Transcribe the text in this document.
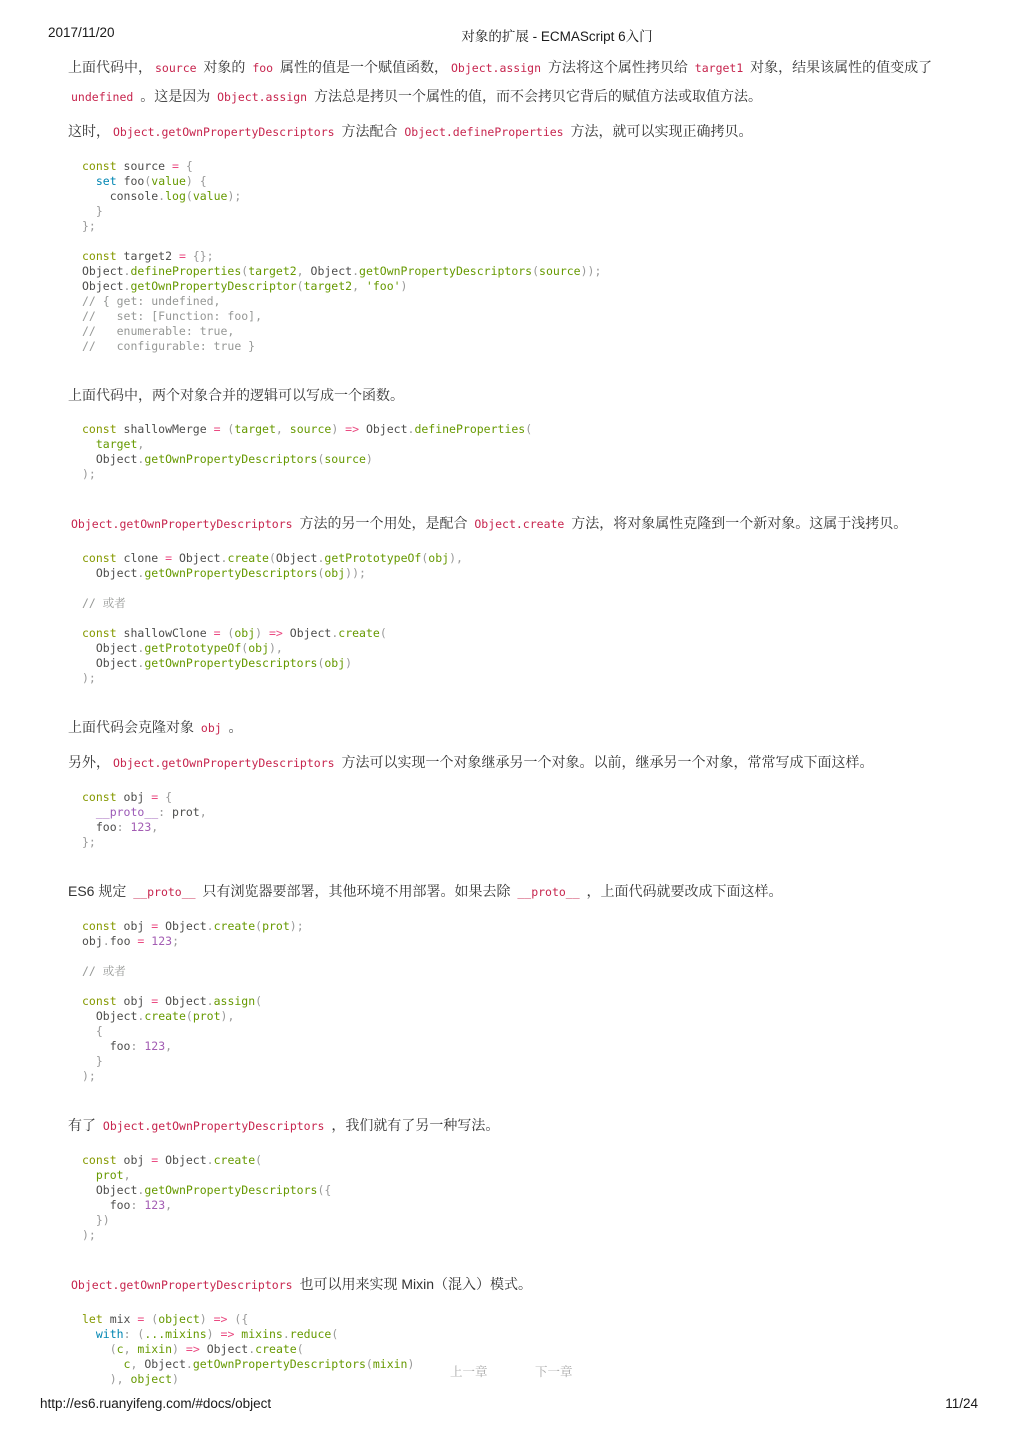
2017/11/20	对象的扩展 - ECMAScript 6入门

上面代码中， source 对象的 foo 属性的值是一个赋值函数， Object.assign 方法将这个属性拷贝给 target1 对象，结果该属性的值变成了 undefined 。这是因为 Object.assign 方法总是拷贝一个属性的值，而不会拷贝它背后的赋值方法或取值方法。

这时， Object.getOwnPropertyDescriptors 方法配合 Object.defineProperties 方法，就可以实现正确拷贝。

const source = {
set foo(value) {
console.log(value);
}
};

const target2 = {};
Object.defineProperties(target2, Object.getOwnPropertyDescriptors(source));
Object.getOwnPropertyDescriptor(target2, 'foo')
// { get: undefined,
//   set: [Function: foo],
//   enumerable: true,
//   configurable: true }

上面代码中，两个对象合并的逻辑可以写成一个函数。

const shallowMerge = (target, source) => Object.defineProperties(
target,
Object.getOwnPropertyDescriptors(source)
);

Object.getOwnPropertyDescriptors 方法的另一个用处，是配合 Object.create 方法，将对象属性克隆到一个新对象。这属于浅拷贝。

const clone = Object.create(Object.getPrototypeOf(obj),
Object.getOwnPropertyDescriptors(obj));

// 或者

const shallowClone = (obj) => Object.create(
Object.getPrototypeOf(obj),
Object.getOwnPropertyDescriptors(obj)
);

上面代码会克隆对象 obj 。

另外， Object.getOwnPropertyDescriptors 方法可以实现一个对象继承另一个对象。以前，继承另一个对象，常常写成下面这样。

const obj = {
__proto__: prot,
foo: 123,
};

ES6 规定 __proto__ 只有浏览器要部署，其他环境不用部署。如果去除 __proto__ ，上面代码就要改成下面这样。

const obj = Object.create(prot);
obj.foo = 123;

// 或者

const obj = Object.assign(
Object.create(prot),
{
foo: 123,
}
);

有了 Object.getOwnPropertyDescriptors ，我们就有了另一种写法。

const obj = Object.create(
prot,
Object.getOwnPropertyDescriptors({
foo: 123,
})
);

Object.getOwnPropertyDescriptors 也可以用来实现 Mixin（混入）模式。

let mix = (object) => ({
with: (...mixins) => mixins.reduce(
(c, mixin) => Object.create(
c, Object.getOwnPropertyDescriptors(mixin)
), object)	上一章	下一章
http://es6.ruanyifeng.com/#docs/object	11/24
